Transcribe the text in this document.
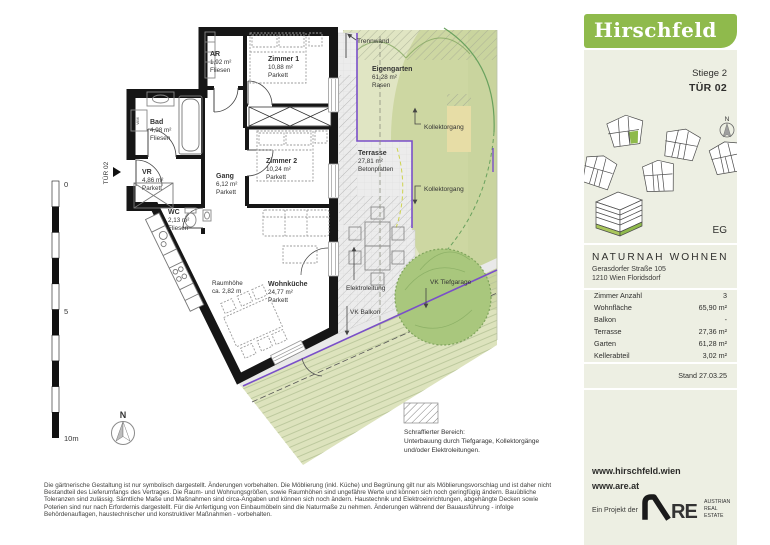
TÜR 02
WM
AR
1,92 m²
Fliesen
Zimmer 1
10,88 m²
Parkett
Bad
4,98 m²
Fliesen
VR
4,86 m²
Parkett
Gang
6,12 m²
Parkett
Zimmer 2
10,24 m²
Parkett
WC
2,13 m²
Fliesen
Raumhöhe
ca. 2,82 m
Wohnküche
24,77 m²
Parkett
Terrasse
27,81 m²
Betonplatten
Eigengarten
61,28 m²
Rasen
Trennwand
Kollektorgang
Kollektorgang
Elektroleitung
VK Tiefgarage
VK Balkon
0
5
10m
N
Schraffierter Bereich:
Unterbauung durch Tiefgarage, Kollektorgänge
und/oder Elektroleitungen.
Hirschfeld
Stiege 2
TÜR 02
N
EG
NATURNAH WOHNEN
Gerasdorfer Straße 105
1210 Wien Floridsdorf
Zimmer Anzahl	3
Wohnfläche	65,90 m²
Balkon	-
Terrasse	27,36 m²
Garten	61,28 m²
Kellerabteil	3,02 m²
Stand 27.03.25
www.hirschfeld.wien
www.are.at
Ein Projekt der RE AUSTRIAN
REAL
ESTATE

Die gärtnerische Gestaltung ist nur symbolisch dargestellt. Änderungen vorbehalten. Die Möblierung (inkl. Küche) und Begrünung gilt nur als Möblierungsvorschlag und ist daher nicht Bestandteil des Lieferumfangs des Vertrages. Die Raum- und Wohnungsgrößen, sowie Raumhöhen sind ungefähre Werte und können sich noch geringfügig ändern. Bauübliche Toleranzen sind zulässig. Sämtliche Maße und Maßnahmen sind circa-Angaben und können sich noch ändern. Haustechnik und Elektroeinrichtungen, abgehängte Decken sowie Poterien sind nur nach Erfordernis dargestellt. Für die Anfertigung von Einbaumöbeln sind die Naturmaße zu nehmen. Änderungen während der Bauausführung - infolge Behördenauflagen, haustechnischer und konstruktiver Maßnahmen - vorbehalten.
